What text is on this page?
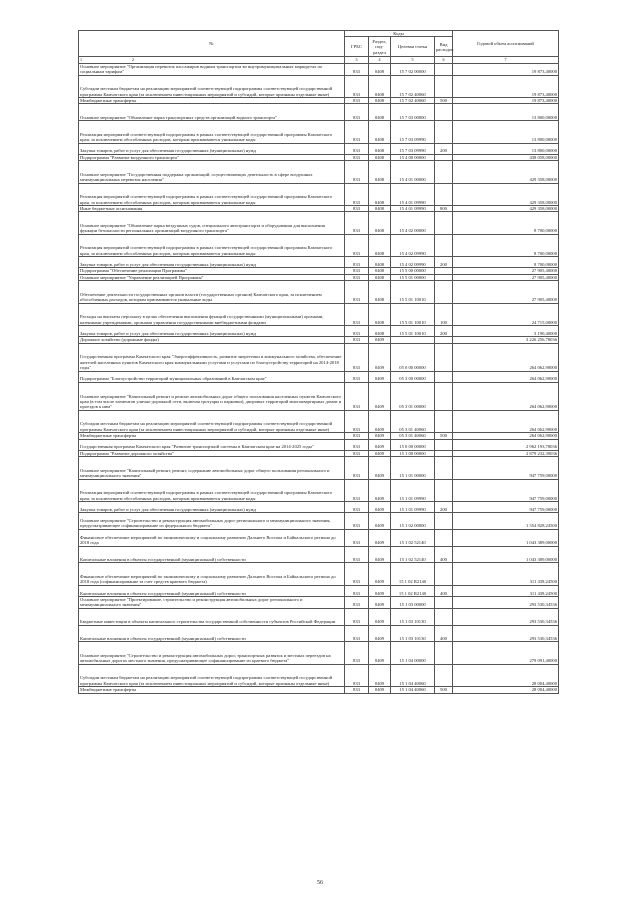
№	Коды				Годовой объем ассигнований
	ГРБС	Раздел, под-раздел	Целевая статья	Вид расходов	
1                                                  2	3	4	5	6	7
Основное мероприятие "Организация перевозок пассажиров водным транспортом во внутримуниципальных маршрутах по социальным тарифам"	833	0408	15 7 02 00000		19 873,40000
Субсидии местным бюджетам на реализацию мероприятий соответствующей подпрограммы соответствующей государственной программы Камчатского края (за исключением инвестиционных мероприятий и субсидий, которые признаны отдельные иные)	833	0408	15 7 02 40060		19 873,40000
Межбюджетные трансферты	833	0408	15 7 02 40060	500	19 873,40000
Основное мероприятие "Обновление парка транспортных средств организаций водного транспорта"	833	0408	15 7 03 00000		13 800,00000
Реализация мероприятий соответствующей подпрограммы в рамках соответствующей государственной программы Камчатского края, за исключением обособленных расходов, которым присваиваются уникальные коды	833	0408	15 7 03 09990		13 800,00000
Закупка товаров, работ и услуг для обеспечения государственных (муниципальных) нужд	833	0408	15 7 03 09990	200	13 800,00000
Подпрограмма "Развитие воздушного транспорта"	833	0408	15 4 00 00000		438 058,00000
Основное мероприятие "Государственная поддержка организаций, осуществляющих деятельность в сфере воздушных межмуниципальных перевозок населения"	833	0408	15 4 01 00000		429 358,00000
Реализация мероприятий соответствующей подпрограммы в рамках соответствующей государственной программы Камчатского края, за исключением обособленных расходов, которым присваиваются уникальные коды	833	0408	15 4 01 09990		429 358,00000
Иные бюджетные ассигнования	833	0408	15 4 01 09990	800	429 358,00000
Основное мероприятие "Обновление парка воздушных судов, специального автотранспорта и оборудования для выполнения функции безопасности региональных организаций воздушного транспорта"	833	0408	15 4 02 00000		8 700,00000
Реализация мероприятий соответствующей подпрограммы в рамках соответствующей государственной программы Камчатского края, за исключением обособленных расходов, которым присваиваются уникальные коды	833	0408	15 4 02 09990		8 700,00000
Закупка товаров, работ и услуг для обеспечения государственных (муниципальных) нужд	833	0408	15 4 02 09990	200	8 700,00000
Подпрограмма "Обеспечение реализации Программы"	833	0408	15 5 00 00000		27 905,40000
Основное мероприятие "Управление реализацией Программы"	833	0408	15 5 01 00000		27 905,40000
Обеспечение деятельности государственных органов власти (государственных органов) Камчатского края, за исключением обособленных расходов, которым присваиваются уникальные коды	833	0408	15 5 01 10010		27 905,40000
Расходы на выплаты персоналу в целях обеспечения выполнения функций государственными (муниципальными) органами, казенными учреждениями, органами управления государственными внебюджетными фондами	833	0408	15 5 01 10010	100	24 715,00000
Закупка товаров, работ и услуг для обеспечения государственных (муниципальных) нужд	833	0408	15 5 01 10010	200	3 190,40000
Дорожное хозяйство (дорожные фонды)	833	0409			3 226 256,78036
Государственная программа Камчатского края "Энергоэффективность, развитие энергетики и коммунального хозяйства, обеспечение жителей населенных пунктов Камчатского края коммунальными услугами и услугами по благоустройству территорий на 2014-2018 годы"	833	0409	05 0 00 00000		264 062,90000
Подпрограмма "Благоустройство территорий муниципальных образований в Камчатском крае"	833	0409	05 3 00 00000		264 062,90000
Основное мероприятие "Капитальный ремонт и ремонт автомобильных дорог общего пользования населенных пунктов Камчатского края (в том числе элементов улично-дорожной сети, включая тротуары и парковки), дворовых территорий многоквартирных домов и проездов к ним"	833	0409	05 3 01 00000		264 062,90000
Субсидии местным бюджетам на реализацию мероприятий соответствующей подпрограммы соответствующей государственной программы Камчатского края (за исключением инвестиционных мероприятий и субсидий, которые признаны отдельные иные)	833	0409	05 3 01 40060		264 062,90000
Межбюджетные трансферты	833	0409	05 3 01 40060	500	264 062,90000
Государственная программа Камчатского края "Развитие транспортной системы в Камчатском крае на 2014-2025 годы"	833	0409	15 0 00 00000		2 962 193,78036
Подпрограмма "Развитие дорожного хозяйства"	833	0409	15 1 00 00000		2 879 232,39036
Основное мероприятие "Капитальный ремонт, ремонт, содержание автомобильных дорог общего пользования регионального и межмуниципального значения"	833	0409	15 1 01 00000		947 759,00000
Реализация мероприятий соответствующей подпрограммы в рамках соответствующей государственной программы Камчатского края, за исключением обособленных расходов, которым присваиваются уникальные коды	833	0409	15 1 01 09990		947 759,00000
Закупка товаров, работ и услуг для обеспечения государственных (муниципальных) нужд	833	0409	15 1 01 09990	200	947 759,00000
Основное мероприятие "Строительство и реконструкция автомобильных дорог регионального и межмуниципального значения, предусматривающее софинансирование из федерального бюджета"	833	0409	15 1 02 00000		1 354 828,24500
Финансовое обеспечение мероприятий по экономическому и социальному развитию Дальнего Востока и Байкальского региона до 2018 года	833	0409	15 1 02 52140		1 043 389,00000
Капитальные вложения в объекты государственной (муниципальной) собственности	833	0409	15 1 02 52140	400	1 043 389,00000
Финансовое обеспечение мероприятий по экономическому и социальному развитию Дальнего Востока и Байкальского региона до 2018 года (софинансирование за счет средств краевого бюджета)	833	0409	15 1 02 R2140		311 439,24500
Капитальные вложения в объекты государственной (муниципальной) собственности	833	0409	15 1 02 R2140	400	311 439,24500
Основное мероприятие "Проектирование, строительство и реконструкция автомобильных дорог регионального и межмуниципального значения"	833	0409	15 1 03 00000		293 530,34536
Бюджетные инвестиции в объекты капитального строительства государственной собственности субъектов Российской Федерации	833	0409	15 1 03 10130		293 530,34536
Капитальные вложения в объекты государственной (муниципальной) собственности	833	0409	15 1 03 10130	400	293 530,34536
Основное мероприятие "Строительство и реконструкция автомобильных дорог, транспортных развязок и местных переездов на автомобильных дорогах местного значения, предусматривающее софинансирование из краевого бюджета"	833	0409	15 1 04 00000		279 091,40000
Субсидии местным бюджетам на реализацию мероприятий соответствующей подпрограммы соответствующей государственной программы Камчатского края (за исключением инвестиционных мероприятий и субсидий, которые признаны отдельные иные)	833	0409	15 1 04 40060		28 004,40000
Межбюджетные трансферты	833	0409	15 1 04 40060	500	28 004,40000
56
